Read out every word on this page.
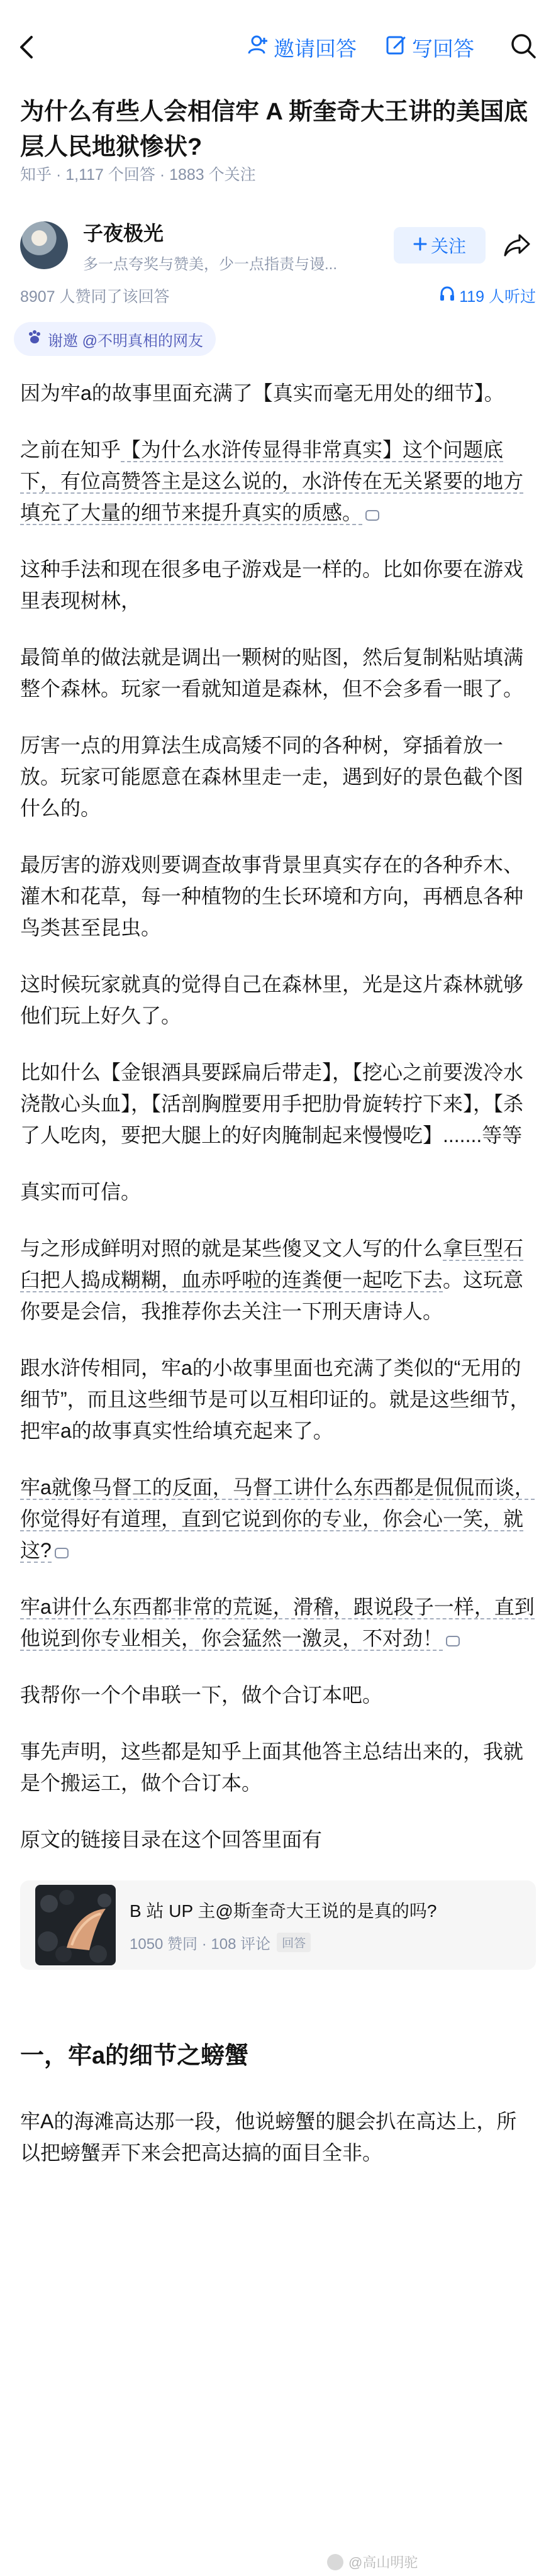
邀请回答	写回答
为什么有些人会相信牢 A 斯奎奇大王讲的美国底层人民地狱惨状?
知乎 · 1,117 个回答 · 1883 个关注
子夜极光
多一点夸奖与赞美，少一点指责与谩...
关注
8907 人赞同了该回答	119 人听过
谢邀 @不明真相的网友

因为牢a的故事里面充满了【真实而毫无用处的细节】。

之前在知乎【为什么水浒传显得非常真实】这个问题底下，有位高赞答主是这么说的，水浒传在无关紧要的地方填充了大量的细节来提升真实的质感。

这种手法和现在很多电子游戏是一样的。比如你要在游戏里表现树林，

最简单的做法就是调出一颗树的贴图，然后复制粘贴填满整个森林。玩家一看就知道是森林，但不会多看一眼了。

厉害一点的用算法生成高矮不同的各种树，穿插着放一放。玩家可能愿意在森林里走一走，遇到好的景色截个图什么的。

最厉害的游戏则要调查故事背景里真实存在的各种乔木、灌木和花草，每一种植物的生长环境和方向，再栖息各种鸟类甚至昆虫。

这时候玩家就真的觉得自己在森林里，光是这片森林就够他们玩上好久了。

比如什么【金银酒具要踩扁后带走】，【挖心之前要泼冷水浇散心头血】，【活剖胸膛要用手把肋骨旋转拧下来】，【杀了人吃肉，要把大腿上的好肉腌制起来慢慢吃】.......等等

真实而可信。

与之形成鲜明对照的就是某些傻叉文人写的什么拿巨型石臼把人捣成糊糊，血赤呼啦的连粪便一起吃下去。这玩意你要是会信，我推荐你去关注一下刑天唐诗人。

跟水浒传相同，牢a的小故事里面也充满了类似的“无用的细节”，而且这些细节是可以互相印证的。就是这些细节，把牢a的故事真实性给填充起来了。

牢a就像马督工的反面，马督工讲什么东西都是侃侃而谈，你觉得好有道理，直到它说到你的专业，你会心一笑，就这?

牢a讲什么东西都非常的荒诞，滑稽，跟说段子一样，直到他说到你专业相关，你会猛然一激灵，不对劲！

我帮你一个个串联一下，做个合订本吧。

事先声明，这些都是知乎上面其他答主总结出来的，我就是个搬运工，做个合订本。

原文的链接目录在这个回答里面有

B 站 UP 主@斯奎奇大王说的是真的吗?
1050 赞同 · 108 评论 回答
一，牢a的细节之螃蟹

牢A的海滩高达那一段，他说螃蟹的腿会扒在高达上，所以把螃蟹弄下来会把高达搞的面目全非。

@高山明驼
